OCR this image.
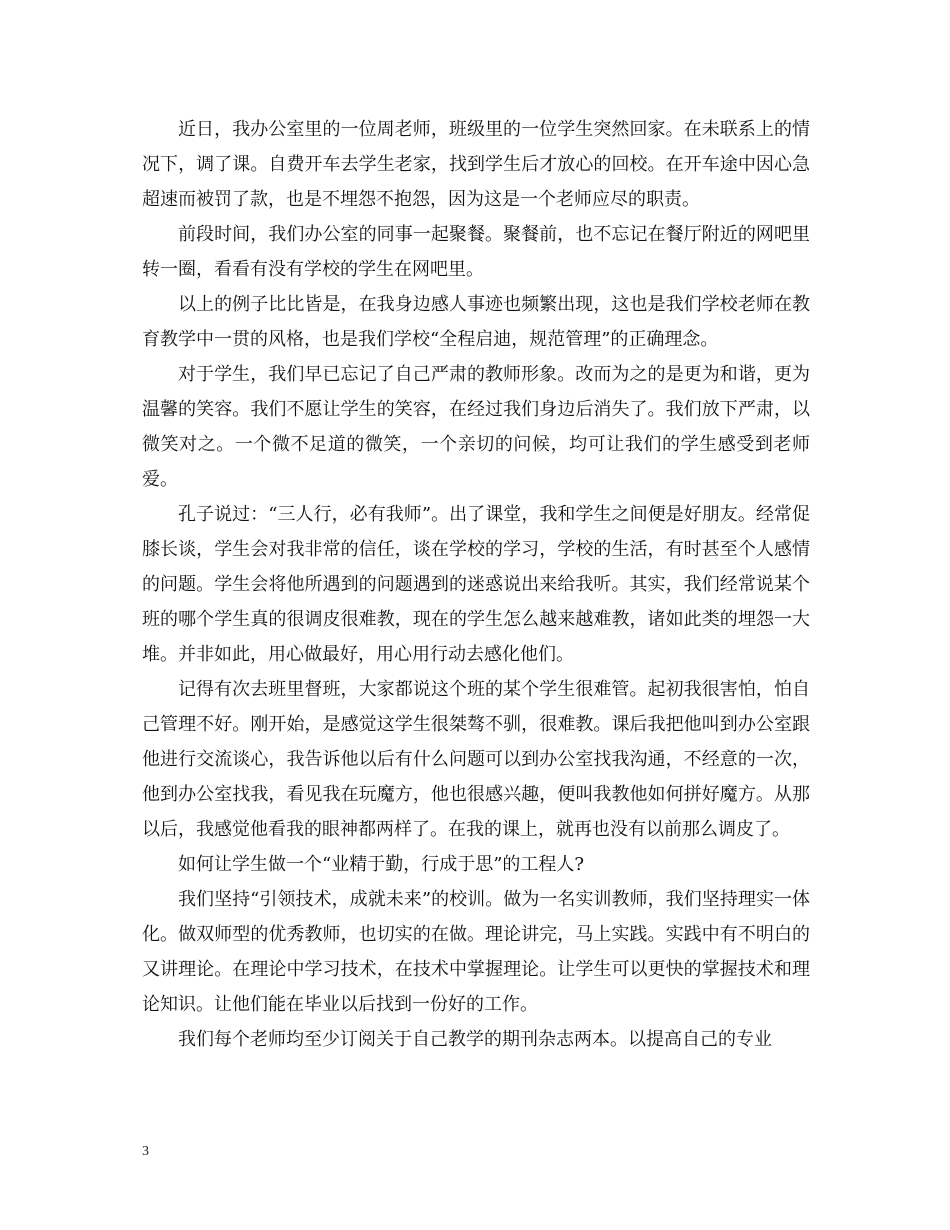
近日，我办公室里的一位周老师，班级里的一位学生突然回家。在未联系上的情况下，调了课。自费开车去学生老家，找到学生后才放心的回校。在开车途中因心急超速而被罚了款，也是不埋怨不抱怨，因为这是一个老师应尽的职责。

前段时间，我们办公室的同事一起聚餐。聚餐前，也不忘记在餐厅附近的网吧里转一圈，看看有没有学校的学生在网吧里。

以上的例子比比皆是，在我身边感人事迹也频繁出现，这也是我们学校老师在教育教学中一贯的风格，也是我们学校“全程启迪，规范管理”的正确理念。

对于学生，我们早已忘记了自己严肃的教师形象。改而为之的是更为和谐，更为温馨的笑容。我们不愿让学生的笑容，在经过我们身边后消失了。我们放下严肃，以微笑对之。一个微不足道的微笑，一个亲切的问候，均可让我们的学生感受到老师爱。

孔子说过：“三人行，必有我师”。出了课堂，我和学生之间便是好朋友。经常促膝长谈，学生会对我非常的信任，谈在学校的学习，学校的生活，有时甚至个人感情的问题。学生会将他所遇到的问题遇到的迷惑说出来给我听。其实，我们经常说某个班的哪个学生真的很调皮很难教，现在的学生怎么越来越难教，诸如此类的埋怨一大堆。并非如此，用心做最好，用心用行动去感化他们。

记得有次去班里督班，大家都说这个班的某个学生很难管。起初我很害怕，怕自己管理不好。刚开始，是感觉这学生很桀骜不驯，很难教。课后我把他叫到办公室跟他进行交流谈心，我告诉他以后有什么问题可以到办公室找我沟通，不经意的一次，他到办公室找我，看见我在玩魔方，他也很感兴趣，便叫我教他如何拼好魔方。从那以后，我感觉他看我的眼神都两样了。在我的课上，就再也没有以前那么调皮了。

如何让学生做一个“业精于勤，行成于思”的工程人?

我们坚持“引领技术，成就未来”的校训。做为一名实训教师，我们坚持理实一体化。做双师型的优秀教师，也切实的在做。理论讲完，马上实践。实践中有不明白的又讲理论。在理论中学习技术，在技术中掌握理论。让学生可以更快的掌握技术和理论知识。让他们能在毕业以后找到一份好的工作。

我们每个老师均至少订阅关于自己教学的期刊杂志两本。以提高自己的专业

3
